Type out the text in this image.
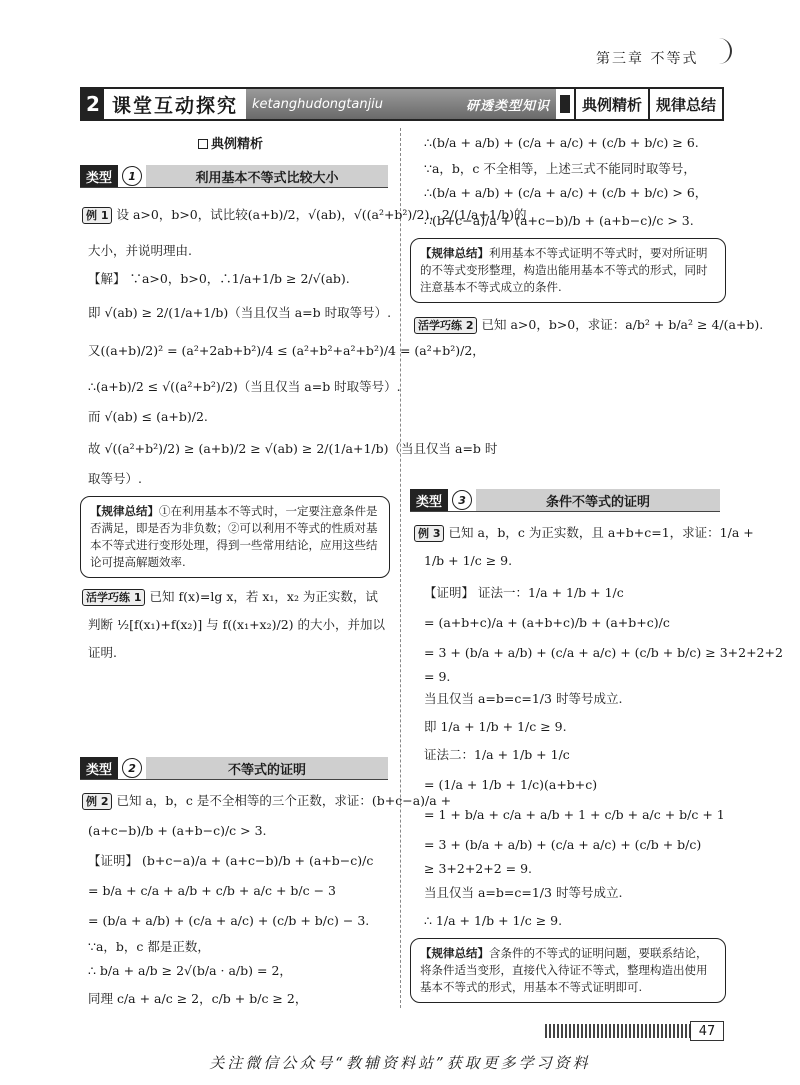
第三章 不等式
2 课堂互动探究	ketanghudongtanjiu	研透类型知识	典例精析 规律总结
典例精析
类型	1	利用基本不等式比较大小
例 1 设 a>0，b>0，试比较(a+b)/2，√(ab)，√((a²+b²)/2)，2/(1/a+1/b)的
大小，并说明理由.
【解】 ∵a>0，b>0，∴1/a+1/b ≥ 2/√(ab).
即 √(ab) ≥ 2/(1/a+1/b)（当且仅当 a=b 时取等号）.
又((a+b)/2)² = (a²+2ab+b²)/4 ≤ (a²+b²+a²+b²)/4 = (a²+b²)/2，
∴(a+b)/2 ≤ √((a²+b²)/2)（当且仅当 a=b 时取等号）.
而 √(ab) ≤ (a+b)/2.
故 √((a²+b²)/2) ≥ (a+b)/2 ≥ √(ab) ≥ 2/(1/a+1/b)（当且仅当 a=b 时
取等号）.
【规律总结】①在利用基本不等式时，一定要注意条件是否满足，即是否为非负数；②可以利用不等式的性质对基本不等式进行变形处理，得到一些常用结论，应用这些结论可提高解题效率.
活学巧练 1 已知 f(x)=lg x，若 x₁，x₂ 为正实数，试
判断 ½[f(x₁)+f(x₂)] 与 f((x₁+x₂)/2) 的大小，并加以
证明.
类型	2	不等式的证明
例 2 已知 a，b，c 是不全相等的三个正数，求证：(b+c−a)/a +
(a+c−b)/b + (a+b−c)/c > 3.
【证明】 (b+c−a)/a + (a+c−b)/b + (a+b−c)/c
= b/a + c/a + a/b + c/b + a/c + b/c − 3
= (b/a + a/b) + (c/a + a/c) + (c/b + b/c) − 3.
∵a，b，c 都是正数，
∴ b/a + a/b ≥ 2√(b/a · a/b) = 2，
同理 c/a + a/c ≥ 2，c/b + b/c ≥ 2，
∴(b/a + a/b) + (c/a + a/c) + (c/b + b/c) ≥ 6.
∵a，b，c 不全相等，上述三式不能同时取等号，
∴(b/a + a/b) + (c/a + a/c) + (c/b + b/c) > 6，
∴(b+c−a)/a + (a+c−b)/b + (a+b−c)/c > 3.
【规律总结】利用基本不等式证明不等式时，要对所证明的不等式变形整理，构造出能用基本不等式的形式，同时注意基本不等式成立的条件.
活学巧练 2 已知 a>0，b>0，求证：a/b² + b/a² ≥ 4/(a+b).
类型	3	条件不等式的证明
例 3 已知 a，b，c 为正实数，且 a+b+c=1，求证：1/a +
1/b + 1/c ≥ 9.
【证明】 证法一：1/a + 1/b + 1/c
= (a+b+c)/a + (a+b+c)/b + (a+b+c)/c
= 3 + (b/a + a/b) + (c/a + a/c) + (c/b + b/c) ≥ 3+2+2+2
= 9.
当且仅当 a=b=c=1/3 时等号成立.
即 1/a + 1/b + 1/c ≥ 9.
证法二：1/a + 1/b + 1/c
= (1/a + 1/b + 1/c)(a+b+c)
= 1 + b/a + c/a + a/b + 1 + c/b + a/c + b/c + 1
= 3 + (b/a + a/b) + (c/a + a/c) + (c/b + b/c)
≥ 3+2+2+2 = 9.
当且仅当 a=b=c=1/3 时等号成立.
∴ 1/a + 1/b + 1/c ≥ 9.
【规律总结】含条件的不等式的证明问题，要联系结论，将条件适当变形，直接代入待证不等式，整理构造出使用基本不等式的形式，用基本不等式证明即可.
47
关注微信公众号“教辅资料站”获取更多学习资料
